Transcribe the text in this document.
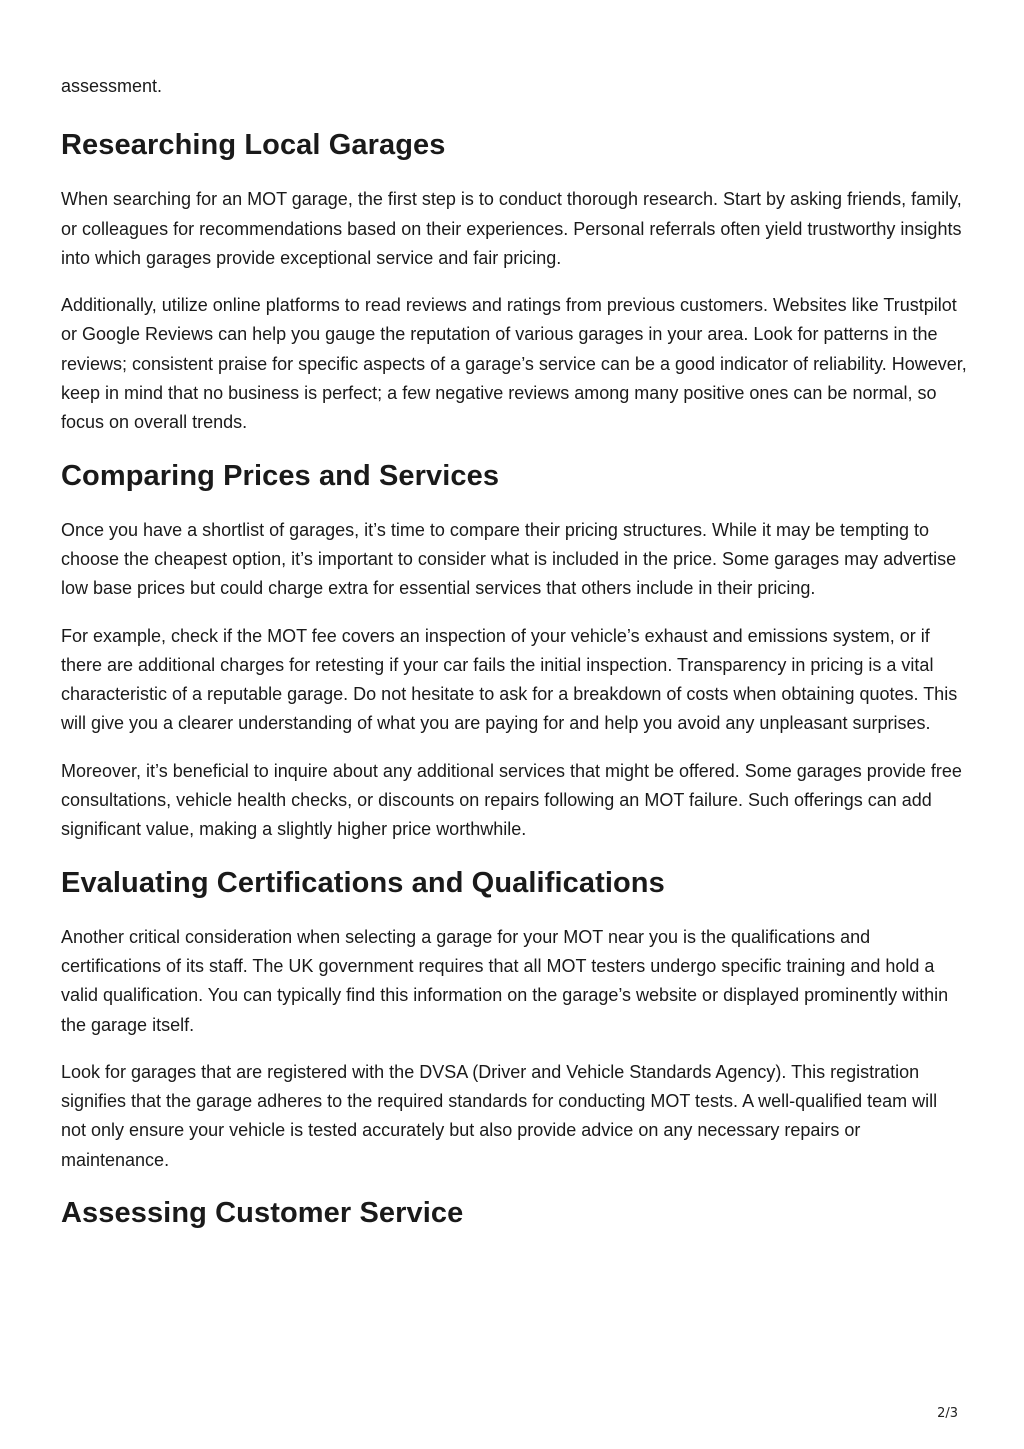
assessment.

Researching Local Garages

When searching for an MOT garage, the first step is to conduct thorough research. Start by asking friends, family, or colleagues for recommendations based on their experiences. Personal referrals often yield trustworthy insights into which garages provide exceptional service and fair pricing.

Additionally, utilize online platforms to read reviews and ratings from previous customers. Websites like Trustpilot or Google Reviews can help you gauge the reputation of various garages in your area. Look for patterns in the reviews; consistent praise for specific aspects of a garage’s service can be a good indicator of reliability. However, keep in mind that no business is perfect; a few negative reviews among many positive ones can be normal, so focus on overall trends.

Comparing Prices and Services

Once you have a shortlist of garages, it’s time to compare their pricing structures. While it may be tempting to choose the cheapest option, it’s important to consider what is included in the price. Some garages may advertise low base prices but could charge extra for essential services that others include in their pricing.

For example, check if the MOT fee covers an inspection of your vehicle’s exhaust and emissions system, or if there are additional charges for retesting if your car fails the initial inspection. Transparency in pricing is a vital characteristic of a reputable garage. Do not hesitate to ask for a breakdown of costs when obtaining quotes. This will give you a clearer understanding of what you are paying for and help you avoid any unpleasant surprises.

Moreover, it’s beneficial to inquire about any additional services that might be offered. Some garages provide free consultations, vehicle health checks, or discounts on repairs following an MOT failure. Such offerings can add significant value, making a slightly higher price worthwhile.

Evaluating Certifications and Qualifications

Another critical consideration when selecting a garage for your MOT near you is the qualifications and certifications of its staff. The UK government requires that all MOT testers undergo specific training and hold a valid qualification. You can typically find this information on the garage’s website or displayed prominently within the garage itself.

Look for garages that are registered with the DVSA (Driver and Vehicle Standards Agency). This registration signifies that the garage adheres to the required standards for conducting MOT tests. A well-qualified team will not only ensure your vehicle is tested accurately but also provide advice on any necessary repairs or maintenance.

Assessing Customer Service
2/3
